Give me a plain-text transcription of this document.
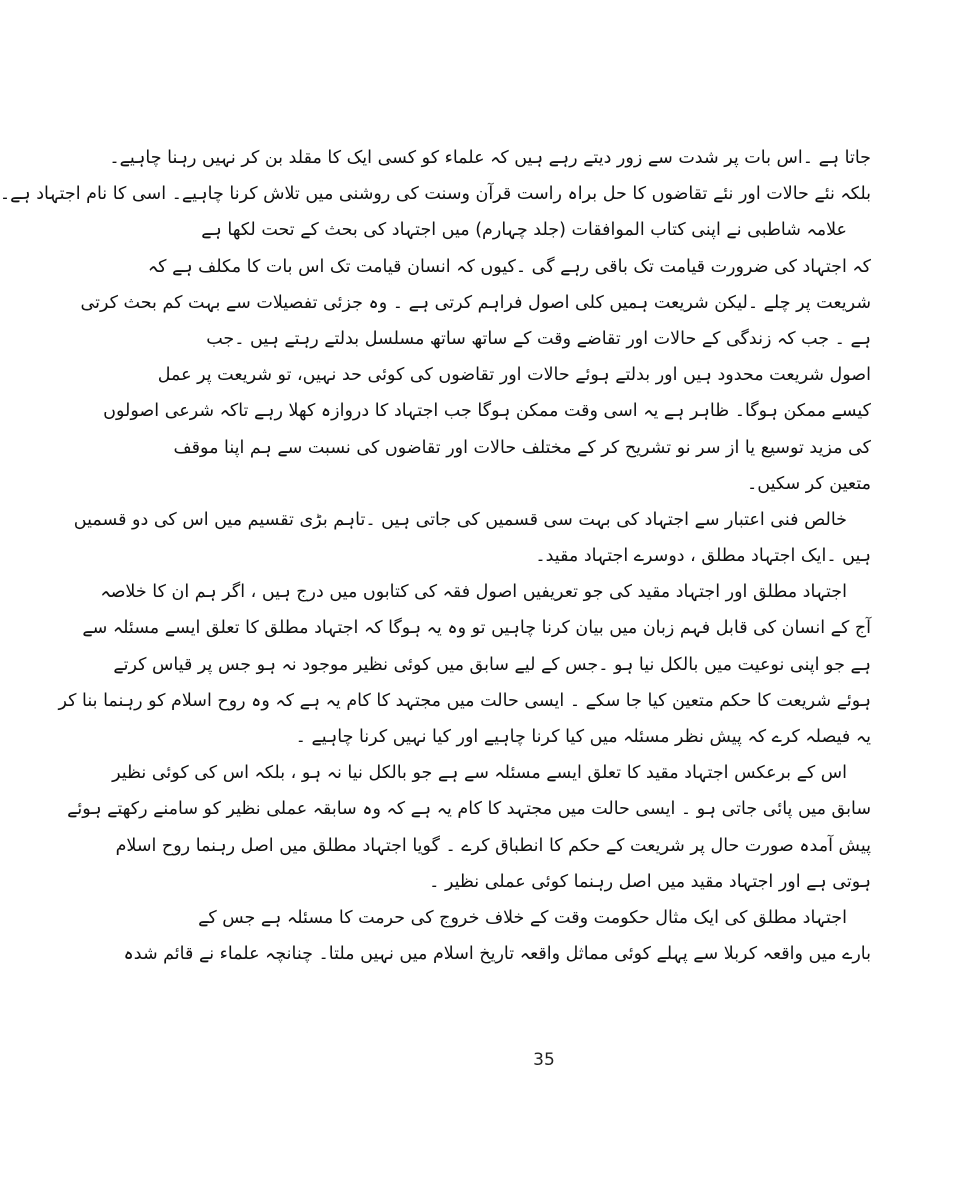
جاتا ہے ۔اس بات پر شدت سے زور دیتے رہے ہیں کہ علماء کو کسی ایک کا مقلد بن کر نہیں رہنا چاہیے۔
بلکہ نئے حالات اور نئے تقاضوں کا حل براہ راست قرآن وسنت کی روشنی میں تلاش کرنا چاہیے۔ اسی کا نام اجتہاد ہے۔
علامہ شاطبی نے اپنی کتاب الموافقات (جلد چہارم) میں اجتہاد کی بحث کے تحت لکھا ہے
کہ اجتہاد کی ضرورت قیامت تک باقی رہے گی ۔کیوں کہ انسان قیامت تک اس بات کا مکلف ہے کہ
شریعت پر چلے ۔لیکن شریعت ہمیں کلی اصول فراہم کرتی ہے ۔ وہ جزئی تفصیلات سے بہت کم بحث کرتی
ہے ۔ جب کہ زندگی کے حالات اور تقاضے وقت کے ساتھ ساتھ مسلسل بدلتے رہتے ہیں ۔جب
اصول شریعت محدود ہیں اور بدلتے ہوئے حالات اور تقاضوں کی کوئی حد نہیں، تو شریعت پر عمل
کیسے ممکن ہوگا۔ ظاہر ہے یہ اسی وقت ممکن ہوگا جب اجتہاد کا دروازہ کھلا رہے تاکہ شرعی اصولوں
کی مزید توسیع یا از سر نو تشریح کر کے مختلف حالات اور تقاضوں کی نسبت سے ہم اپنا موقف
متعین کر سکیں۔
خالص فنی اعتبار سے اجتہاد کی بہت سی قسمیں کی جاتی ہیں ۔تاہم بڑی تقسیم میں اس کی دو قسمیں
ہیں ۔ایک اجتہاد مطلق ، دوسرے اجتہاد مقید۔
اجتہاد مطلق اور اجتہاد مقید کی جو تعریفیں اصول فقہ کی کتابوں میں درج ہیں ، اگر ہم ان کا خلاصہ
آج کے انسان کی قابل فہم زبان میں بیان کرنا چاہیں تو وہ یہ ہوگا کہ اجتہاد مطلق کا تعلق ایسے مسئلہ سے
ہے جو اپنی نوعیت میں بالکل نیا ہو ۔جس کے لیے سابق میں کوئی نظیر موجود نہ ہو جس پر قیاس کرتے
ہوئے شریعت کا حکم متعین کیا جا سکے ۔ ایسی حالت میں مجتہد کا کام یہ ہے کہ وہ روح اسلام کو رہنما بنا کر
یہ فیصلہ کرے کہ پیش نظر مسئلہ میں کیا کرنا چاہیے اور کیا نہیں کرنا چاہیے ۔
اس کے برعکس اجتہاد مقید کا تعلق ایسے مسئلہ سے ہے جو بالکل نیا نہ ہو ، بلکہ اس کی کوئی نظیر
سابق میں پائی جاتی ہو ۔ ایسی حالت میں مجتہد کا کام یہ ہے کہ وہ سابقہ عملی نظیر کو سامنے رکھتے ہوئے
پیش آمدہ صورت حال پر شریعت کے حکم کا انطباق کرے ۔ گویا اجتہاد مطلق میں اصل رہنما روح اسلام
ہوتی ہے اور اجتہاد مقید میں اصل رہنما کوئی عملی نظیر ۔
اجتہاد مطلق کی ایک مثال حکومت وقت کے خلاف خروج کی حرمت کا مسئلہ ہے جس کے
بارے میں واقعہ کربلا سے پہلے کوئی مماثل واقعہ تاریخ اسلام میں نہیں ملتا۔ چنانچہ علماء نے قائم شدہ
35
